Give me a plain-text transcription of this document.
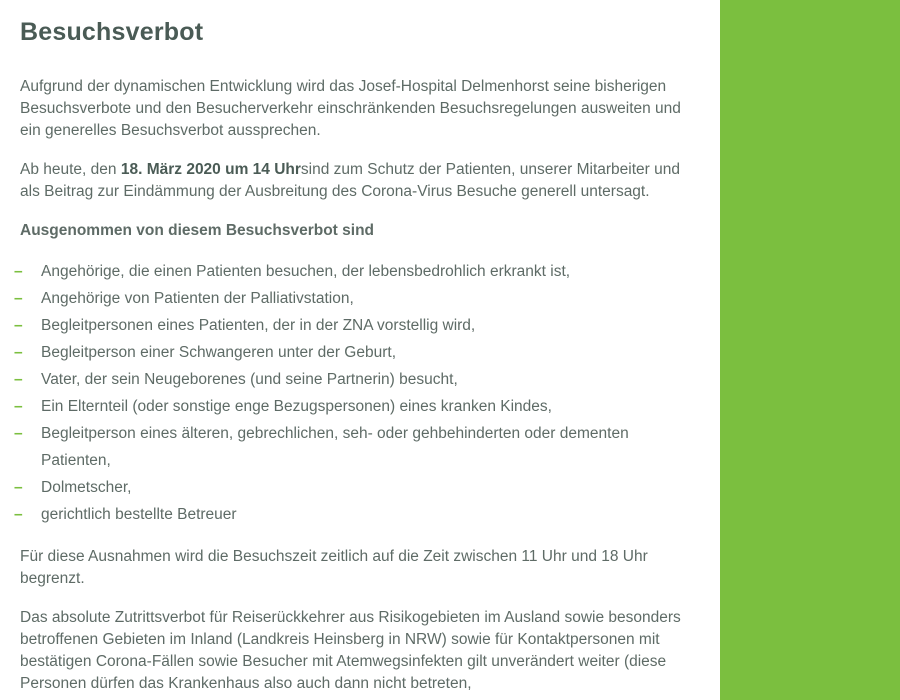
Besuchsverbot

Aufgrund der dynamischen Entwicklung wird das Josef-Hospital Delmenhorst seine bisherigen Besuchsverbote und den Besucherverkehr einschränkenden Besuchsregelungen ausweiten und ein generelles Besuchsverbot aussprechen.

Ab heute, den 18. März 2020 um 14 Uhrsind zum Schutz der Patienten, unserer Mitarbeiter und als Beitrag zur Eindämmung der Ausbreitung des Corona-Virus Besuche generell untersagt.

Ausgenommen von diesem Besuchsverbot sind

– Angehörige, die einen Patienten besuchen, der lebensbedrohlich erkrankt ist,
– Angehörige von Patienten der Palliativstation,
– Begleitpersonen eines Patienten, der in der ZNA vorstellig wird,
– Begleitperson einer Schwangeren unter der Geburt,
– Vater, der sein Neugeborenes (und seine Partnerin) besucht,
– Ein Elternteil (oder sonstige enge Bezugspersonen) eines kranken Kindes,
– Begleitperson eines älteren, gebrechlichen, seh- oder gehbehinderten oder dementen Patienten,
– Dolmetscher,
– gerichtlich bestellte Betreuer

Für diese Ausnahmen wird die Besuchszeit zeitlich auf die Zeit zwischen 11 Uhr und 18 Uhr begrenzt.

Das absolute Zutrittsverbot für Reiserückkehrer aus Risikogebieten im Ausland sowie besonders betroffenen Gebieten im Inland (Landkreis Heinsberg in NRW) sowie für Kontaktpersonen mit bestätigen Corona-Fällen sowie Besucher mit Atemwegsinfekten gilt unverändert weiter (diese Personen dürfen das Krankenhaus also auch dann nicht betreten,
